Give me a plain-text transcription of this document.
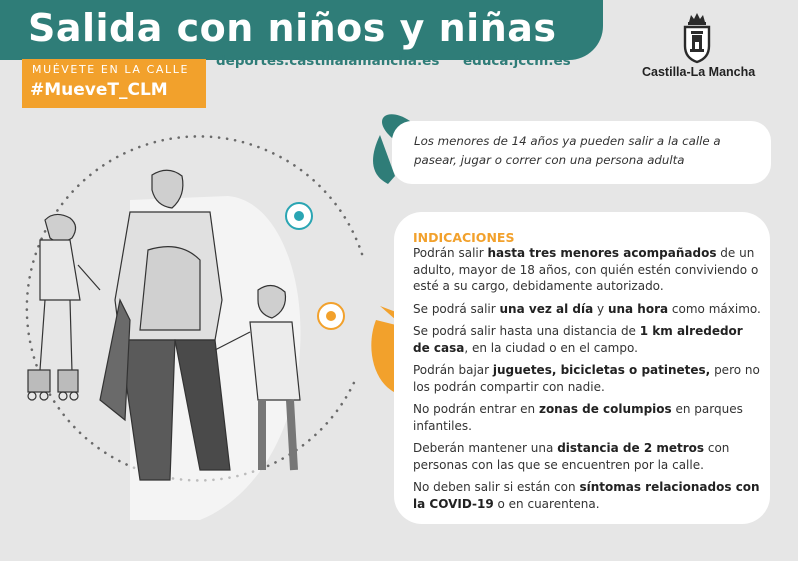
Salida con niños y niñas
MUÉVETE EN LA CALLE
#MueveT_CLM
deportes.castillalamancha.es educa.jccm.es
Castilla-La Mancha

Los menores de 14 años ya pueden salir a la calle a pasear, jugar o correr con una persona adulta

INDICACIONES

Podrán salir hasta tres menores acompañados de un adulto, mayor de 18 años, con quién estén conviviendo o esté a su cargo, debidamente autorizado.

Se podrá salir una vez al día y una hora como máximo.

Se podrá salir hasta una distancia de 1 km alrededor de casa, en la ciudad o en el campo.

Podrán bajar juguetes, bicicletas o patinetes, pero no los podrán compartir con nadie.

No podrán entrar en zonas de columpios en parques infantiles.

Deberán mantener una distancia de 2 metros con personas con las que se encuentren por la calle.

No deben salir si están con síntomas relacionados con la COVID-19 o en cuarentena.
